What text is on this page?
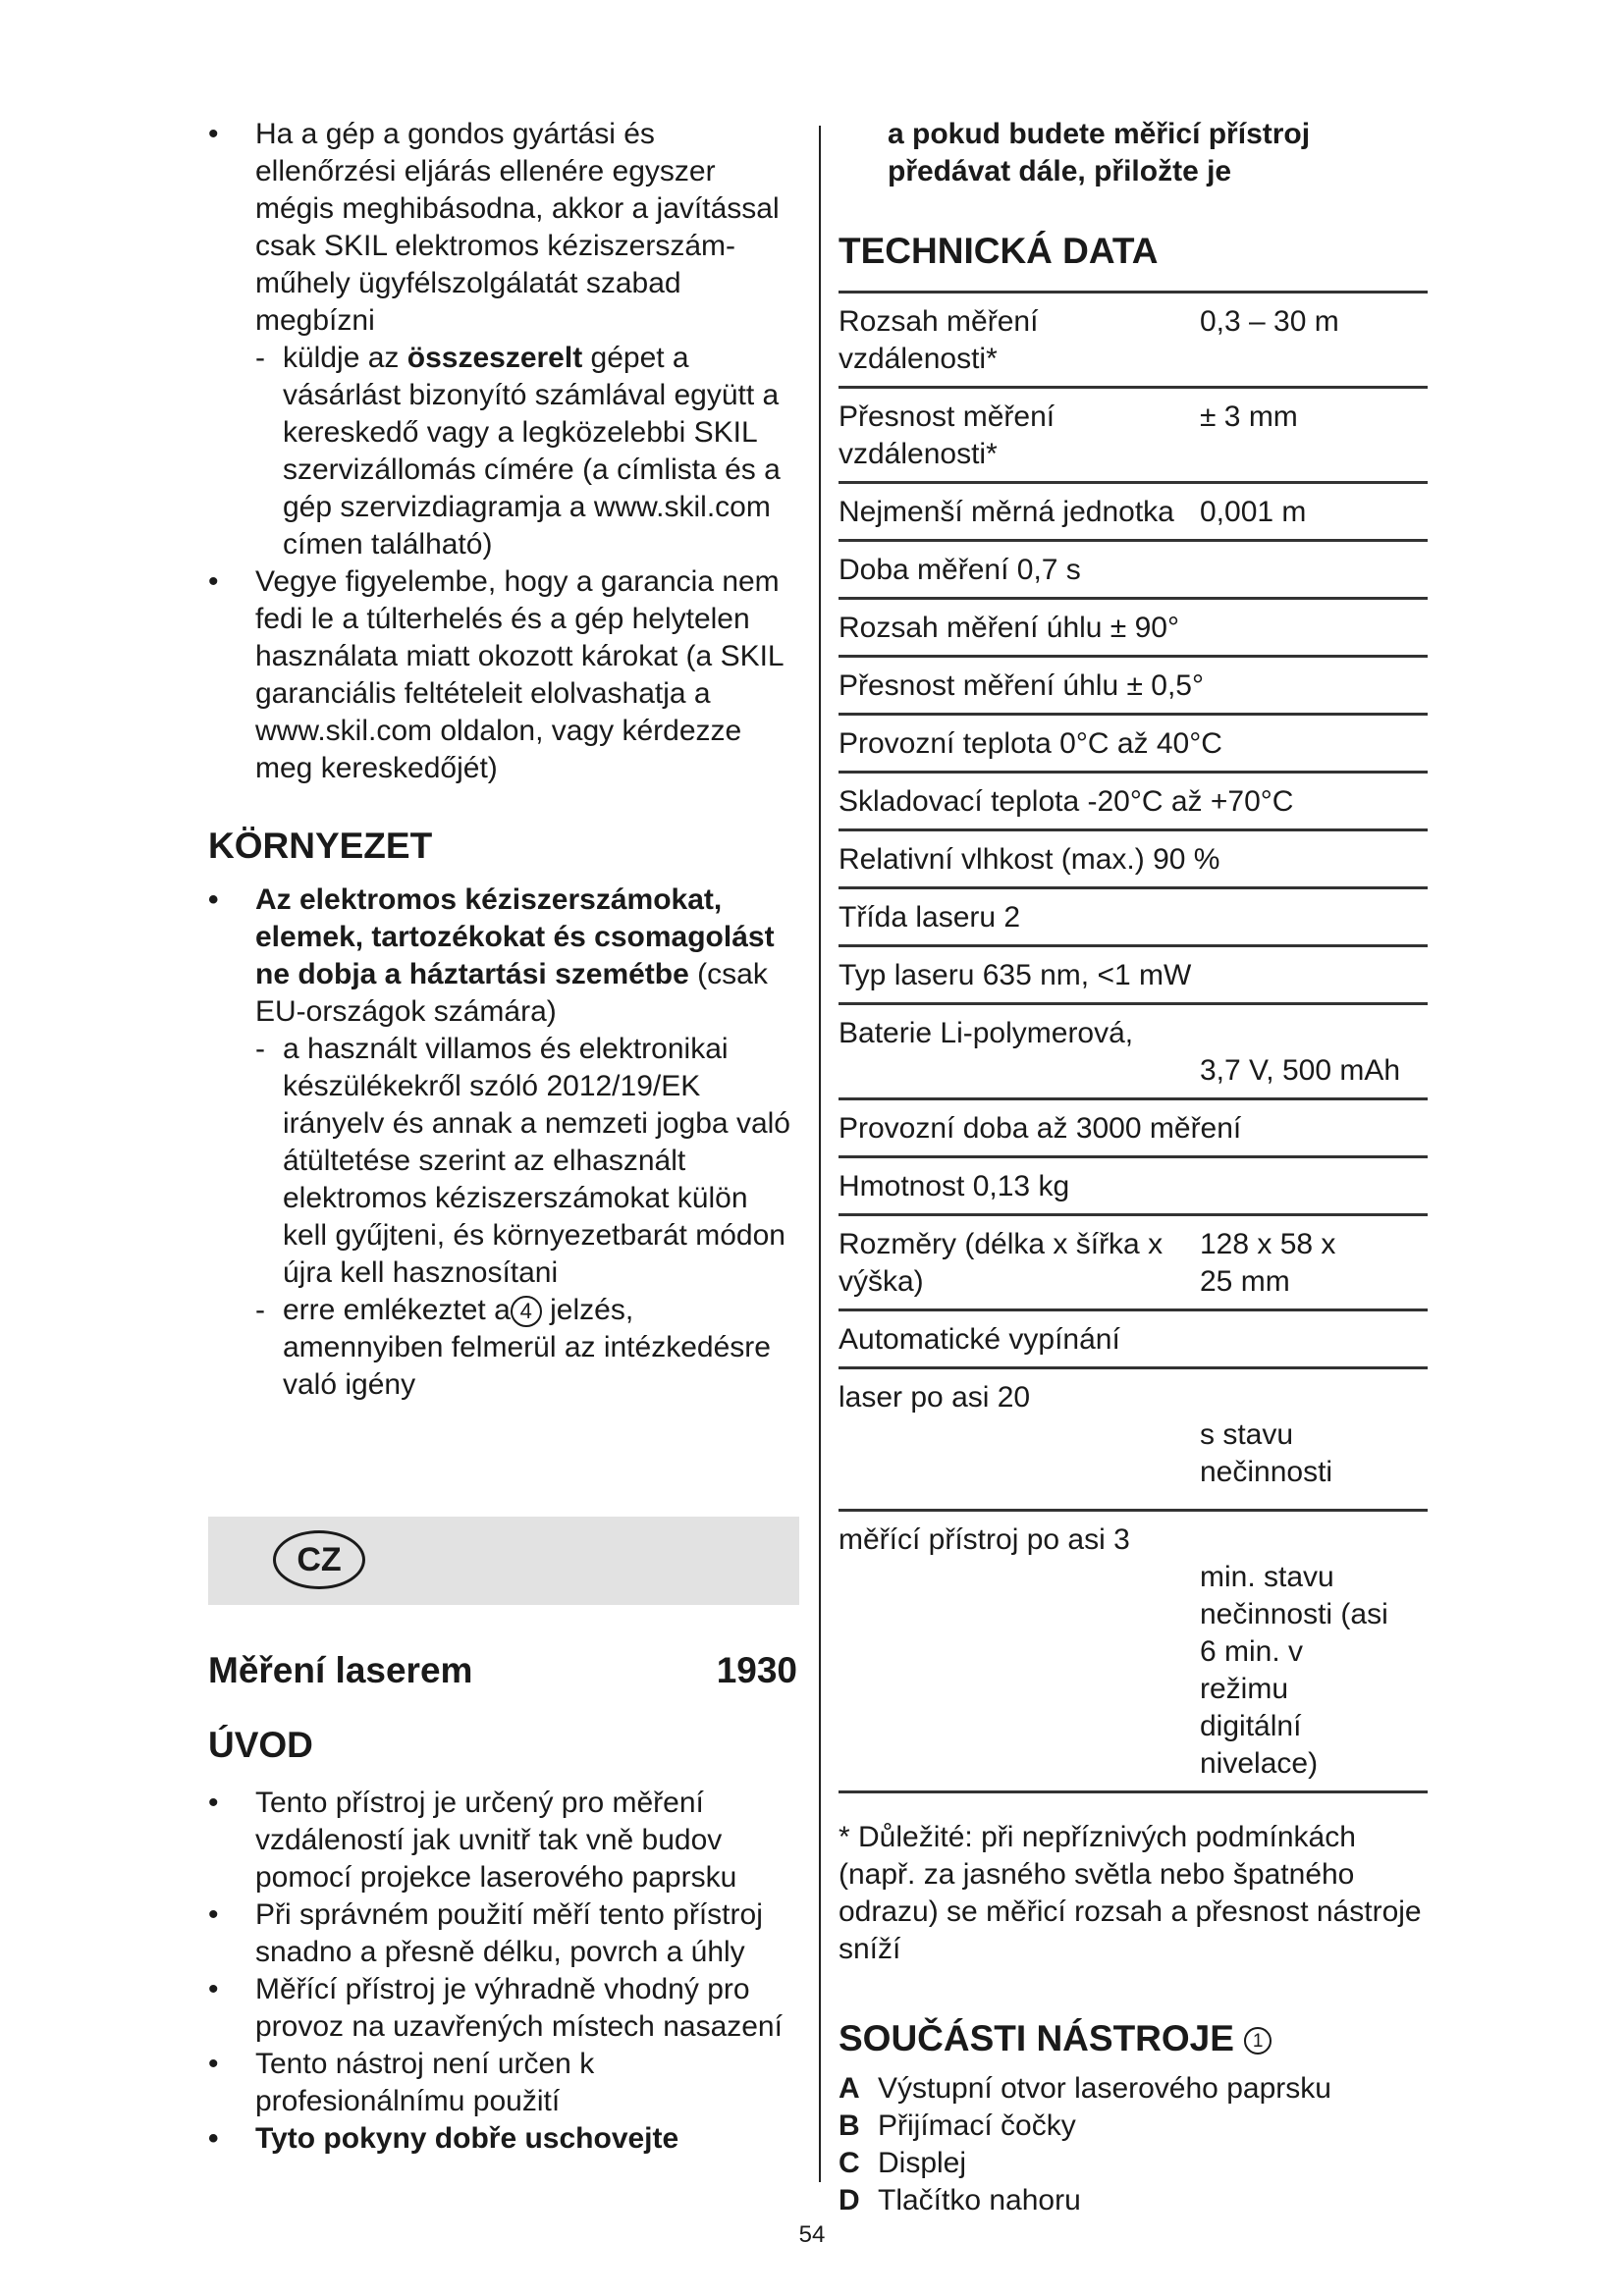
• Ha a gép a gondos gyártási és ellenőrzési eljárás ellenére egyszer mégis meghibásodna, akkor a javítással csak SKIL elektromos kéziszerszám-műhely ügyfélszolgálatát szabad megbízni

- küldje az összeszerelt gépet a vásárlást bizonyító számlával együtt a kereskedő vagy a legközelebbi SKIL szervizállomás címére (a címlista és a gép szervizdiagramja a www.skil.com címen található)

• Vegye figyelembe, hogy a garancia nem fedi le a túlterhelés és a gép helytelen használata miatt okozott károkat (a SKIL garanciális feltételeit elolvashatja a www.skil.com oldalon, vagy kérdezze meg kereskedőjét)

KÖRNYEZET

• Az elektromos kéziszerszámokat, elemek, tartozékokat és csomagolást ne dobja a háztartási szemétbe (csak EU-országok számára)

- a használt villamos és elektronikai készülékekről szóló 2012/19/EK irányelv és annak a nemzeti jogba való átültetése szerint az elhasznált elektromos kéziszerszámokat külön kell gyűjteni, és környezetbarát módon újra kell hasznosítani

- erre emlékeztet a 4 jelzés, amennyiben felmerül az intézkedésre való igény

Měření laserem	1930
ÚVOD

• Tento přístroj je určený pro měření vzdáleností jak uvnitř tak vně budov pomocí projekce laserového paprsku

• Při správném použití měří tento přístroj snadno a přesně délku, povrch a úhly

• Měřící přístroj je výhradně vhodný pro provoz na uzavřených místech nasazení

• Tento nástroj není určen k profesionálnímu použití

• Tyto pokyny dobře uschovejte

CZ

a pokud budete měřicí přístroj předávat dále, přiložte je

TECHNICKÁ DATA
Rozsah měření vzdálenosti*
0,3 – 30 m
Přesnost měření vzdálenosti*
± 3 mm
Nejmenší měrná jednotka 0,001 m
Doba měření 0,7 s
Rozsah měření úhlu ± 90°
Přesnost měření úhlu ± 0,5°
Provozní teplota 0°C až 40°C
Skladovací teplota -20°C až +70°C
Relativní vlhkost (max.) 90 %
Třída laseru 2
Typ laseru 635 nm, <1 mW
Baterie Li-polymerová,
3,7 V, 500 mAh
Provozní doba až 3000 měření
Hmotnost 0,13 kg
Rozměry (délka x šířka x výška)
128 x 58 x 25 mm
Automatické vypínání
laser po asi 20
s stavu nečinnosti
měřící přístroj po asi 3
min. stavu nečinnosti (asi 6 min. v režimu digitální nivelace)

* Důležité: při nepříznivých podmínkách (např. za jasného světla nebo špatného odrazu) se měřicí rozsah a přesnost nástroje sníží

SOUČÁSTI NÁSTROJE 1

A Výstupní otvor laserového paprsku

B Přijímací čočky

C Displej

D Tlačítko nahoru

54
